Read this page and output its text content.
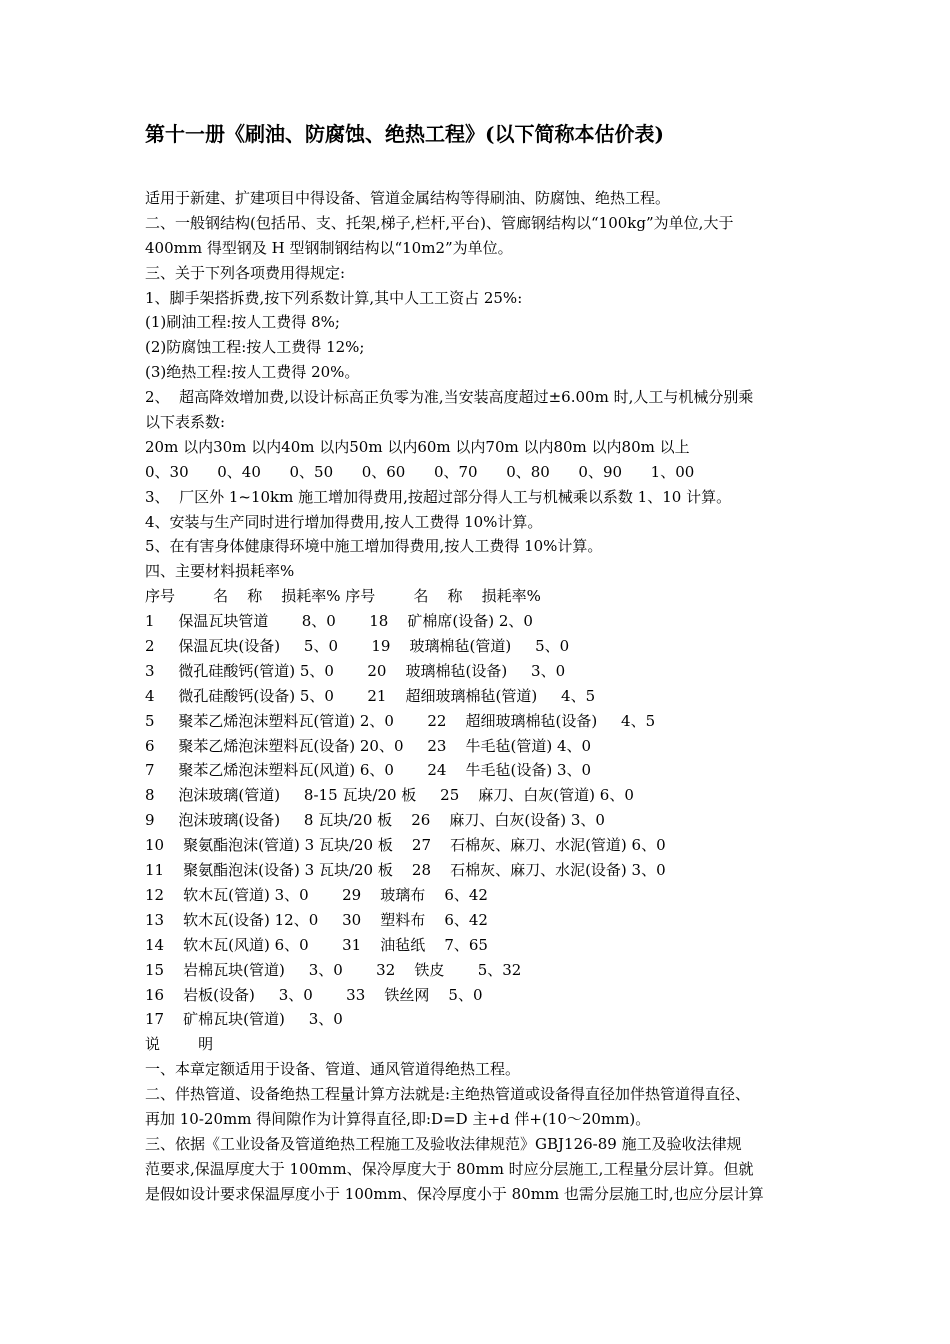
第十一册《刷油、防腐蚀、绝热工程》(以下简称本估价表)
适用于新建、扩建项目中得设备、管道金属结构等得刷油、防腐蚀、绝热工程。
二、一般钢结构(包括吊、支、托架,梯子,栏杆,平台)、管廊钢结构以“100kg”为单位,大于
400mm 得型钢及 H 型钢制钢结构以“10m2”为单位。
三、关于下列各项费用得规定:
1、脚手架搭拆费,按下列系数计算,其中人工工资占 25%:
(1)刷油工程:按人工费得 8%;
(2)防腐蚀工程:按人工费得 12%;
(3)绝热工程:按人工费得 20%。
2、  超高降效增加费,以设计标高正负零为准,当安装高度超过±6.00m 时,人工与机械分别乘
以下表系数:
20m 以内30m 以内40m 以内50m 以内60m 以内70m 以内80m 以内80m 以上
0、30      0、40      0、50      0、60      0、70      0、80      0、90      1、00
3、  厂区外 1~10km 施工增加得费用,按超过部分得人工与机械乘以系数 1、10 计算。
4、安装与生产同时进行增加得费用,按人工费得 10%计算。
5、在有害身体健康得环境中施工增加得费用,按人工费得 10%计算。
四、主要材料损耗率%
序号        名    称    损耗率% 序号        名    称    损耗率%
1     保温瓦块管道       8、0       18    矿棉席(设备) 2、0
2     保温瓦块(设备)     5、0       19    玻璃棉毡(管道)     5、0
3     微孔硅酸钙(管道) 5、0       20    玻璃棉毡(设备)     3、0
4     微孔硅酸钙(设备) 5、0       21    超细玻璃棉毡(管道)     4、5
5     聚苯乙烯泡沫塑料瓦(管道) 2、0       22    超细玻璃棉毡(设备)     4、5
6     聚苯乙烯泡沫塑料瓦(设备) 20、0     23    牛毛毡(管道) 4、0
7     聚苯乙烯泡沫塑料瓦(风道) 6、0       24    牛毛毡(设备) 3、0
8     泡沫玻璃(管道)     8-15 瓦块/20 板     25    麻刀、白灰(管道) 6、0
9     泡沫玻璃(设备)     8 瓦块/20 板    26    麻刀、白灰(设备) 3、0
10    聚氨酯泡沫(管道) 3 瓦块/20 板    27    石棉灰、麻刀、水泥(管道) 6、0
11    聚氨酯泡沫(设备) 3 瓦块/20 板    28    石棉灰、麻刀、水泥(设备) 3、0
12    软木瓦(管道) 3、0       29    玻璃布    6、42
13    软木瓦(设备) 12、0     30    塑料布    6、42
14    软木瓦(风道) 6、0       31    油毡纸    7、65
15    岩棉瓦块(管道)     3、0       32    铁皮       5、32
16    岩板(设备)     3、0       33    铁丝网    5、0
17    矿棉瓦块(管道)     3、0
说        明
一、本章定额适用于设备、管道、通风管道得绝热工程。
二、伴热管道、设备绝热工程量计算方法就是:主绝热管道或设备得直径加伴热管道得直径、
再加 10-20mm 得间隙作为计算得直径,即:D=D 主+d 伴+(10～20mm)。
三、依据《工业设备及管道绝热工程施工及验收法律规范》GBJ126-89 施工及验收法律规
范要求,保温厚度大于 100mm、保冷厚度大于 80mm 时应分层施工,工程量分层计算。但就
是假如设计要求保温厚度小于 100mm、保冷厚度小于 80mm 也需分层施工时,也应分层计算
